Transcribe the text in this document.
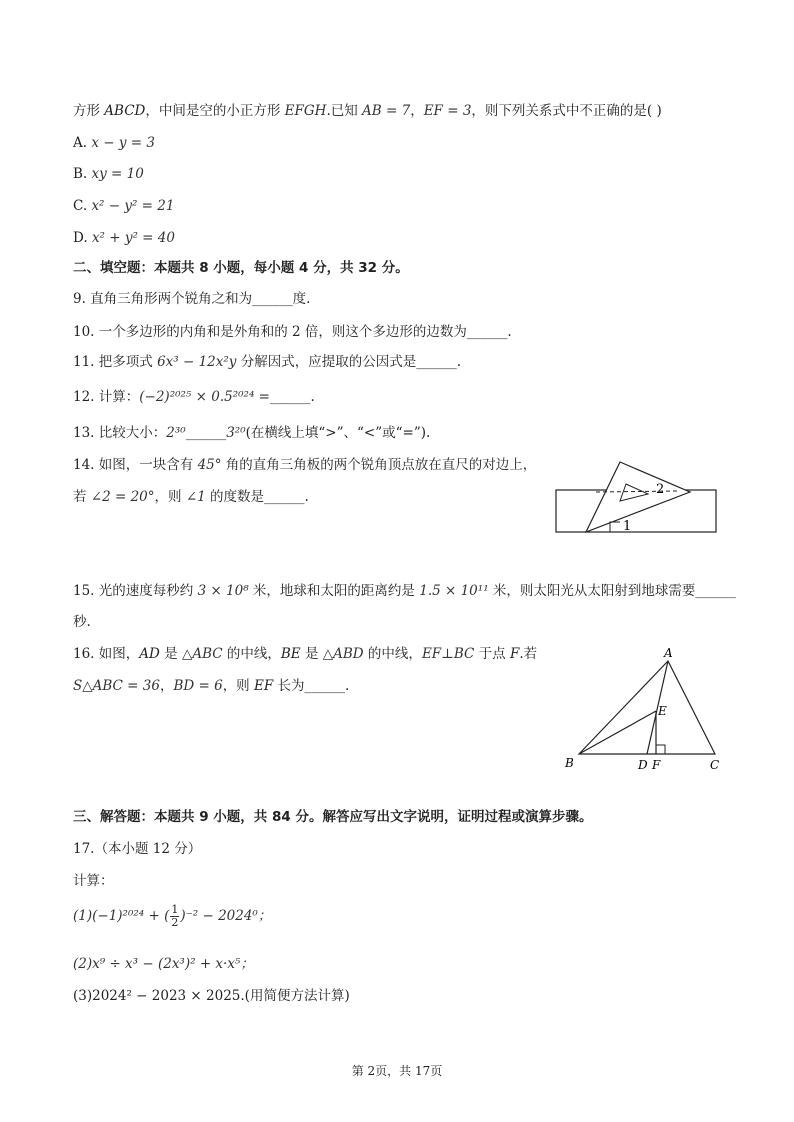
方形 ABCD，中间是空的小正方形 EFGH.已知 AB = 7，EF = 3，则下列关系式中不正确的是( )
A. x − y = 3
B. xy = 10
C. x² − y² = 21
D. x² + y² = 40
二、填空题：本题共 8 小题，每小题 4 分，共 32 分。
9. 直角三角形两个锐角之和为______度.
10. 一个多边形的内角和是外角和的 2 倍，则这个多边形的边数为______.
11. 把多项式 6x³ − 12x²y 分解因式，应提取的公因式是______.
12. 计算：(−2)²⁰²⁵ × 0.5²⁰²⁴ =______.
13. 比较大小：2³⁰______3²⁰(在横线上填“>”、“<”或“=”).
14. 如图，一块含有 45° 角的直角三角板的两个锐角顶点放在直尺的对边上，
若 ∠2 = 20°，则 ∠1 的度数是______.
1
2
15. 光的速度每秒约 3 × 10⁸ 米，地球和太阳的距离约是 1.5 × 10¹¹ 米，则太阳光从太阳射到地球需要______
秒.
16. 如图，AD 是 △ABC 的中线，BE 是 △ABD 的中线，EF⊥BC 于点 F.若
S△ABC = 36，BD = 6，则 EF 长为______.
A
B	C
D
E
F
三、解答题：本题共 9 小题，共 84 分。解答应写出文字说明，证明过程或演算步骤。
17.（本小题 12 分）
计算：
(1)(−1)²⁰²⁴ + ( $\frac{1}{2} )^{-2} - 2024^0$；
(2)x⁹ ÷ x³ − (2x³)² + x·x⁵；
(3)2024² − 2023 × 2025.(用简便方法计算)
第 2页，共 17页
